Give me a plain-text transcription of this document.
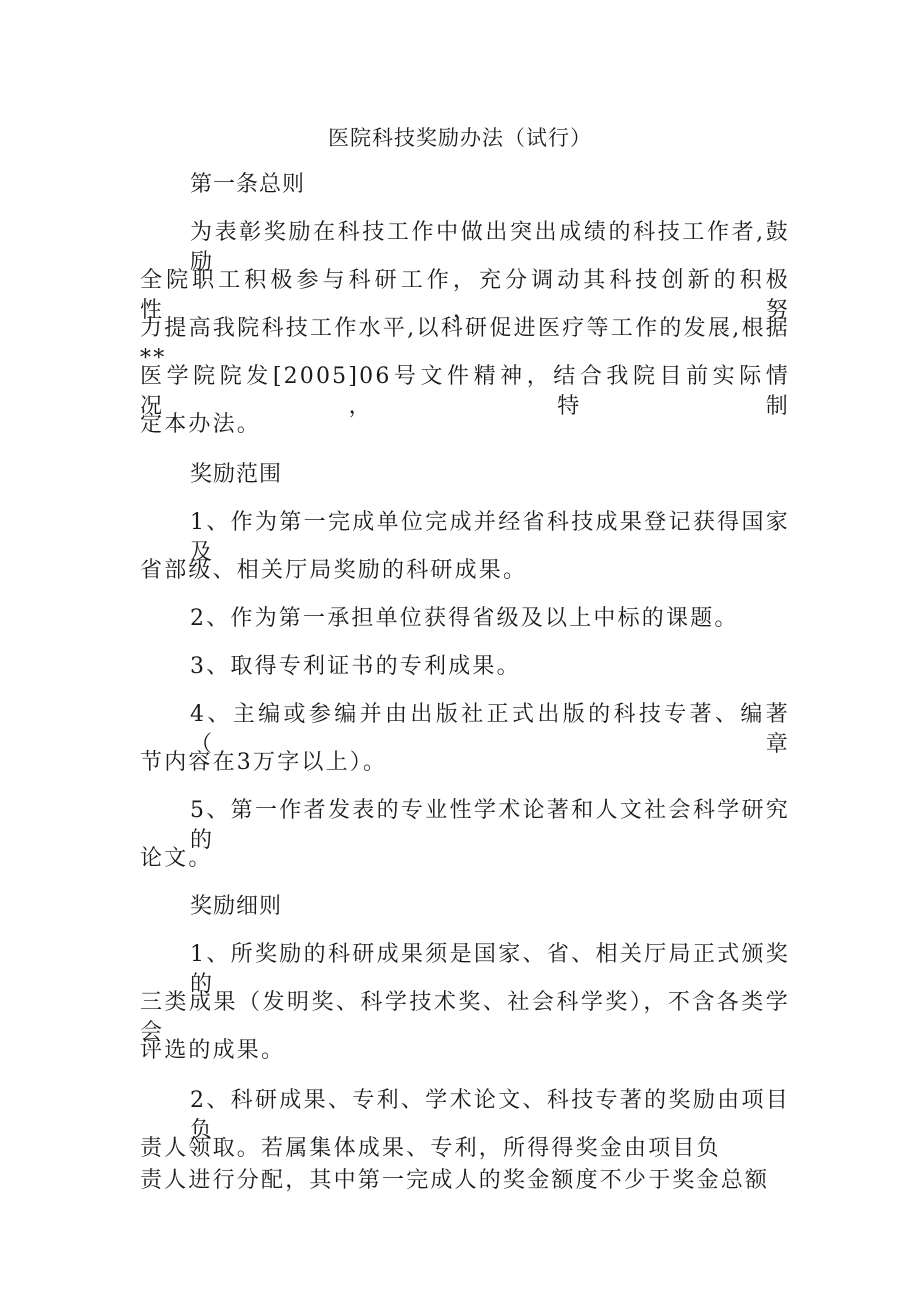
医院科技奖励办法（试行）
第一条总则
为表彰奖励在科技工作中做出突出成绩的科技工作者,鼓励
全院职工积极参与科研工作，充分调动其科技创新的积极性，努
力提高我院科技工作水平,以科研促进医疗等工作的发展,根据**
医学院院发[2005]06号文件精神，结合我院目前实际情况，特制
定本办法。
奖励范围
1、作为第一完成单位完成并经省科技成果登记获得国家及
省部级、相关厅局奖励的科研成果。
2、作为第一承担单位获得省级及以上中标的课题。
3、取得专利证书的专利成果。
4、主编或参编并由出版社正式出版的科技专著、编著（章
节内容在3万字以上）。
5、第一作者发表的专业性学术论著和人文社会科学研究的
论文。
奖励细则
1、所奖励的科研成果须是国家、省、相关厅局正式颁奖的
三类成果（发明奖、科学技术奖、社会科学奖），不含各类学会
评选的成果。
2、科研成果、专利、学术论文、科技专著的奖励由项目负
责人领取。若属集体成果、专利，所得得奖金由项目负
责人进行分配，其中第一完成人的奖金额度不少于奖金总额
